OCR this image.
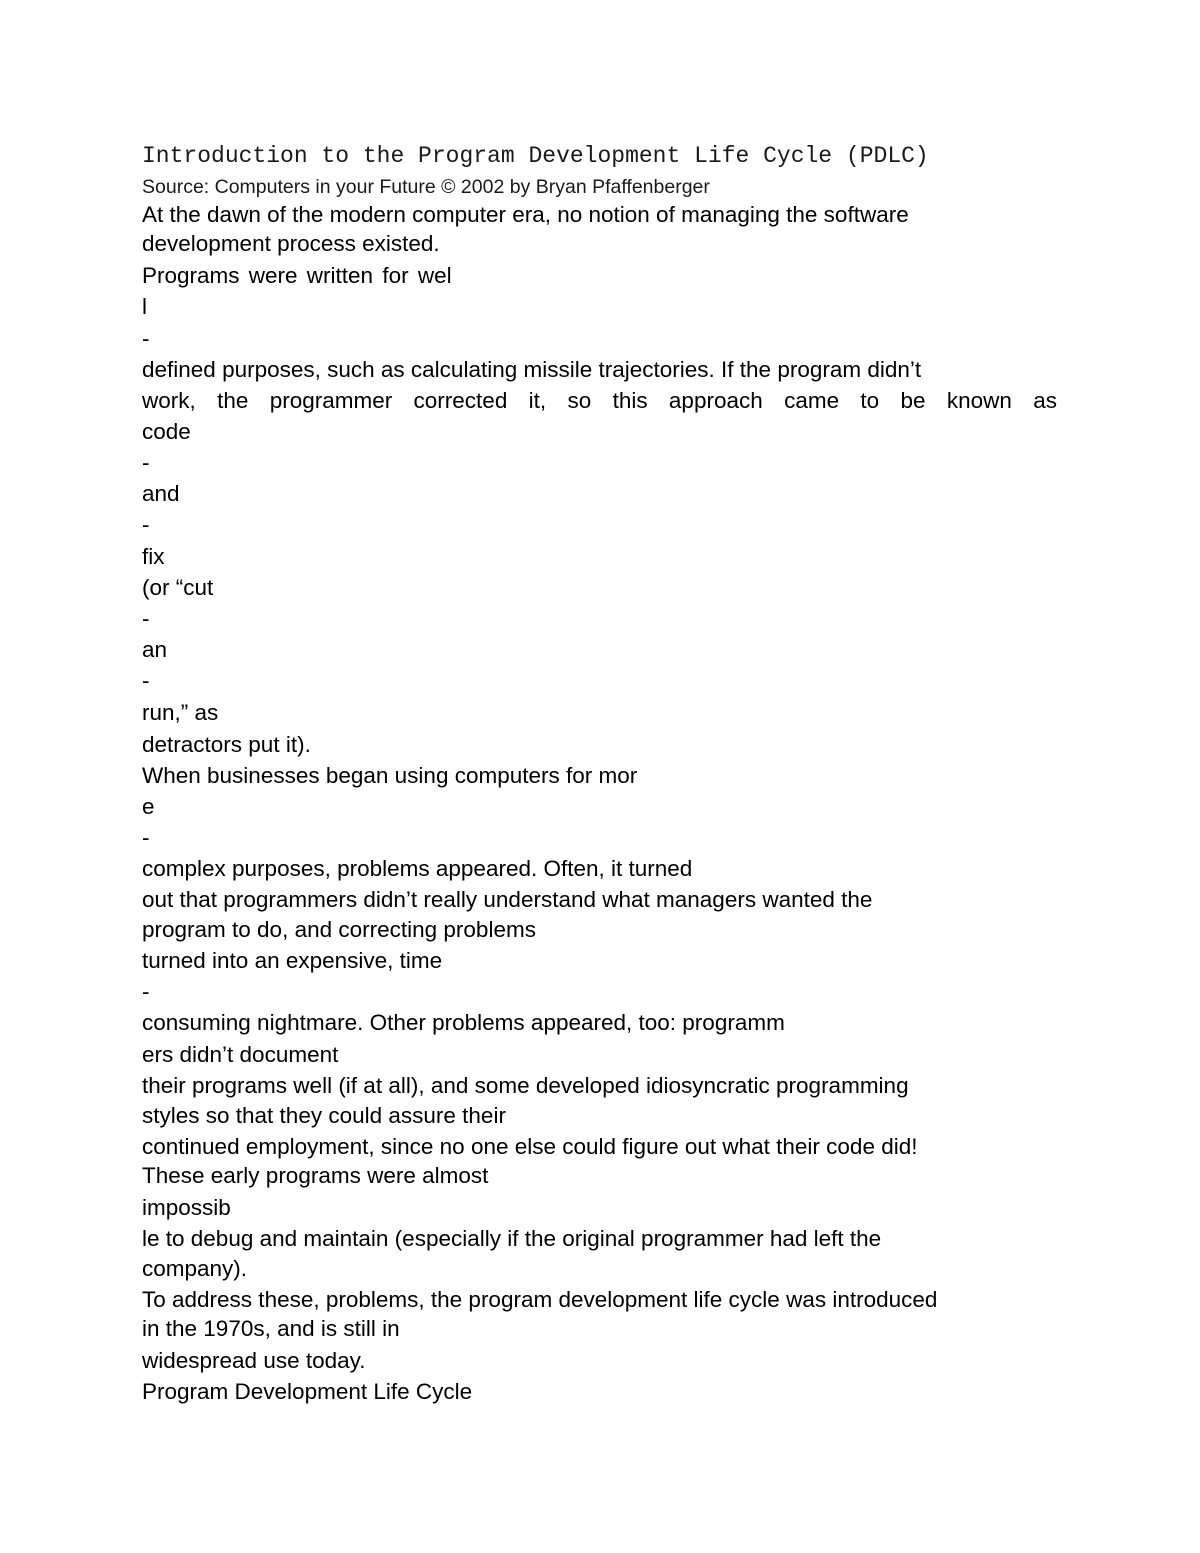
Introduction to the Program Development Life Cycle (PDLC)
Source: Computers in your Future © 2002 by Bryan Pfaffenberger
At the dawn of the modern computer era, no notion of managing the software
development process existed.
Programs were written for wel
l
-
defined purposes, such as calculating missile trajectories. If the program didn’t
work, the programmer corrected it, so this approach came to be known as
code
-
and
-
fix
(or “cut
-
an
-
run,” as
detractors put it).
When businesses began using computers for mor
e
-
complex purposes, problems appeared. Often, it turned
out that programmers didn’t really understand what managers wanted the
program to do, and correcting problems
turned into an expensive, time
-
consuming nightmare. Other problems appeared, too: programm
ers didn’t document
their programs well (if at all), and some developed idiosyncratic programming
styles so that they could assure their
continued employment, since no one else could figure out what their code did!
These early programs were almost
impossib
le to debug and maintain (especially if the original programmer had left the
company).
To address these, problems, the program development life cycle was introduced
in the 1970s, and is still in
widespread use today.
Program Development Life Cycle
